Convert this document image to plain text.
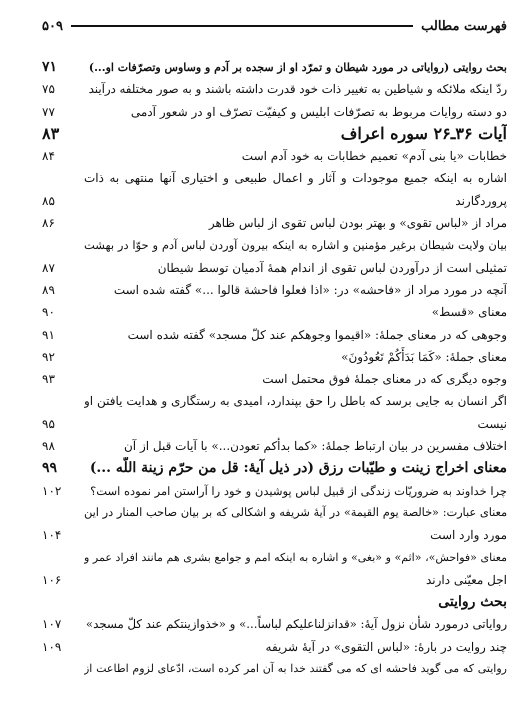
فهرست مطالب
۵۰۹
بحث روایتی (روایاتی در مورد شیطان و تمرّد او از سجده بر آدم و وساوس وتصرّفات او...)
۷۱
ردّ اینکه ملائکه و شیاطین به تغییر ذات خود قدرت داشته باشند و به صور مختلفه درآیند
۷۵
دو دسته روایات مربوط به تصرّفات ابلیس و کیفیّت تصرّف او در شعور آدمی
۷۷
آیات ۳۶ـ۲۶ سوره اعراف
۸۳
خطابات «یا بنی آدم» تعمیم خطابات به خود آدم است
۸۴
اشاره به اینکه جمیع موجودات و آثار و اعمال طبیعی و اختیاری آنها منتهی به ذات
پروردگارند
۸۵
مراد از «لباس تقوی» و بهتر بودن لباس تقوی از لباس ظاهر
۸۶
بیان ولایت شیطان برغیر مؤمنین و اشاره به اینکه بیرون آوردن لباس آدم و حوّا در بهشت
تمثیلی است از درآوردن لباس تقوی از اندام همهٔ آدمیان توسط شیطان
۸۷
آنچه در مورد مراد از «فاحشه» در: «اذا فعلوا فاحشة قالوا ...» گفته شده است
۸۹
معنای «قسط»
۹۰
وجوهی که در معنای جملهٔ: «اقیموا وجوهکم عند کلّ مسجد» گفته شده است
۹۱
معنای جملهٔ: «كَمَا بَدَأَكُمْ تَعُودُونَ»
۹۲
وجوه دیگری که در معنای جملهٔ فوق محتمل است
۹۳
اگر انسان به جایی برسد که باطل را حق بپندارد، امیدی به رستگاری و هدایت یافتن او
نیست
۹۵
اختلاف مفسرین در بیان ارتباط جملهٔ: «کما بدأکم تعودن...» با آیات قبل از آن
۹۸
معنای اخراج زینت و طیّبات رزق (در ذیل آیهٔ: قل من حرّم زینة اللّه ...)
۹۹
چرا خداوند به ضروریّات زندگی از قبیل لباس پوشیدن و خود را آراستن امر نموده است؟
۱۰۲
معنای عبارت: «خالصة یوم القیمة» در آیهٔ شریفه و اشکالی که بر بیان صاحب المنار در این
مورد وارد است
۱۰۴
معنای «فواحش»، «اثم» و «بغی» و اشاره به اینکه امم و جوامع بشری هم مانند افراد عمر و
اجل معیّنی دارند
۱۰۶
بحث روایتی
روایاتی درمورد شأن نزول آیهٔ: «قدانزلناعلیکم لباساً...» و «خذوازینتکم عند کلّ مسجد»
۱۰۷
چند روایت در بارهٔ: «لباس التقوی» در آیهٔ شریفه
۱۰۹
روایتی که می گوید فاحشه ای که می گفتند خدا به آن امر کرده است، ادّعای لزوم اطاعت از
